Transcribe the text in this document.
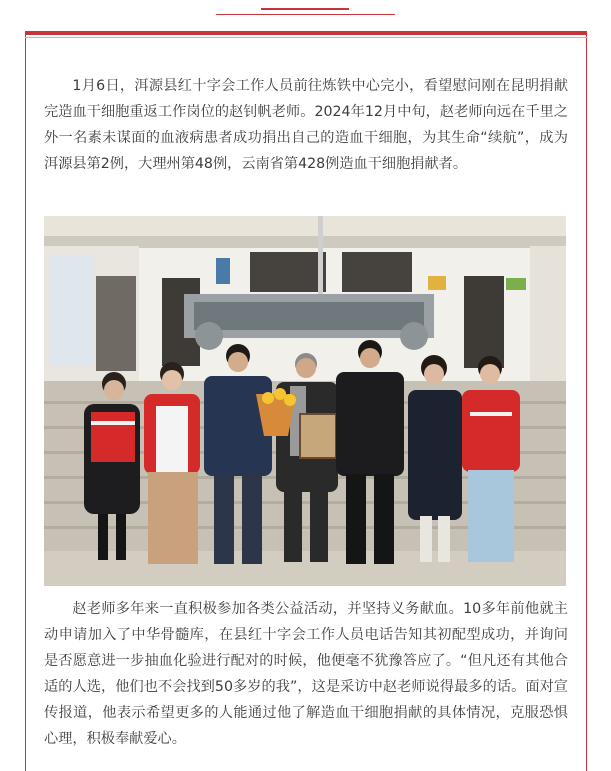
1月6日，洱源县红十字会工作人员前往炼铁中心完小，看望慰问刚在昆明捐献完造血干细胞重返工作岗位的赵钊帆老师。2024年12月中旬，赵老师向远在千里之外一名素未谋面的血液病患者成功捐出自己的造血干细胞，为其生命“续航”，成为洱源县第2例，大理州第48例，云南省第428例造血干细胞捐献者。

赵老师多年来一直积极参加各类公益活动，并坚持义务献血。10多年前他就主动申请加入了中华骨髓库，在县红十字会工作人员电话告知其初配型成功，并询问是否愿意进一步抽血化验进行配对的时候，他便毫不犹豫答应了。“但凡还有其他合适的人选，他们也不会找到50多岁的我”，这是采访中赵老师说得最多的话。面对宣传报道，他表示希望更多的人能通过他了解造血干细胞捐献的具体情况，克服恐惧心理，积极奉献爱心。
